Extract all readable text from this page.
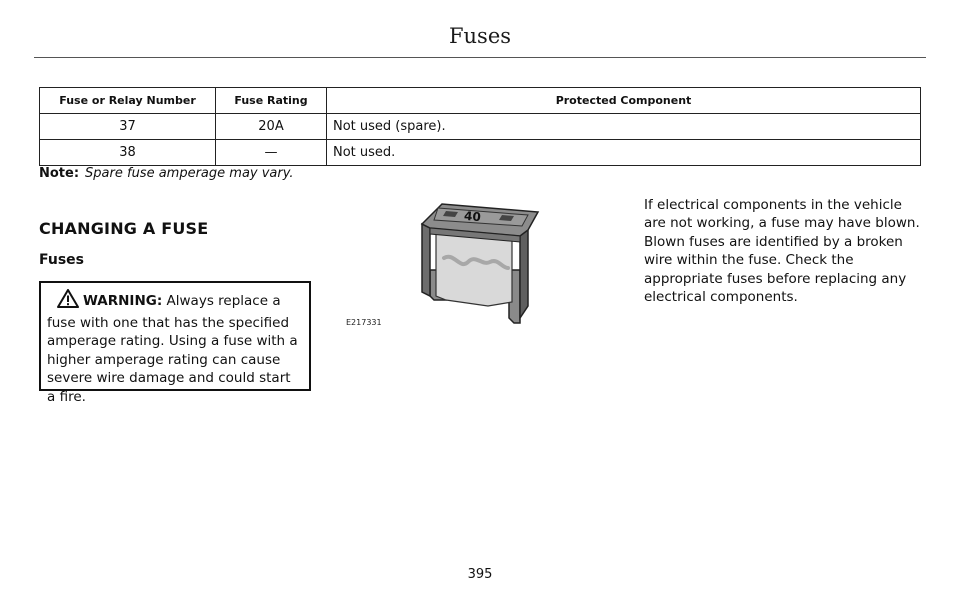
Fuses
Fuse or Relay Number	Fuse Rating	Protected Component
37	20A	Not used (spare).
38	—	Not used.
Note: Spare fuse amperage may vary.
CHANGING A FUSE
Fuses
WARNING: Always replace a fuse with one that has the specified amperage rating. Using a fuse with a higher amperage rating can cause severe wire damage and could start a fire.
40
E217331
If electrical components in the vehicle are not working, a fuse may have blown. Blown fuses are identified by a broken wire within the fuse. Check the appropriate fuses before replacing any electrical components.
395
